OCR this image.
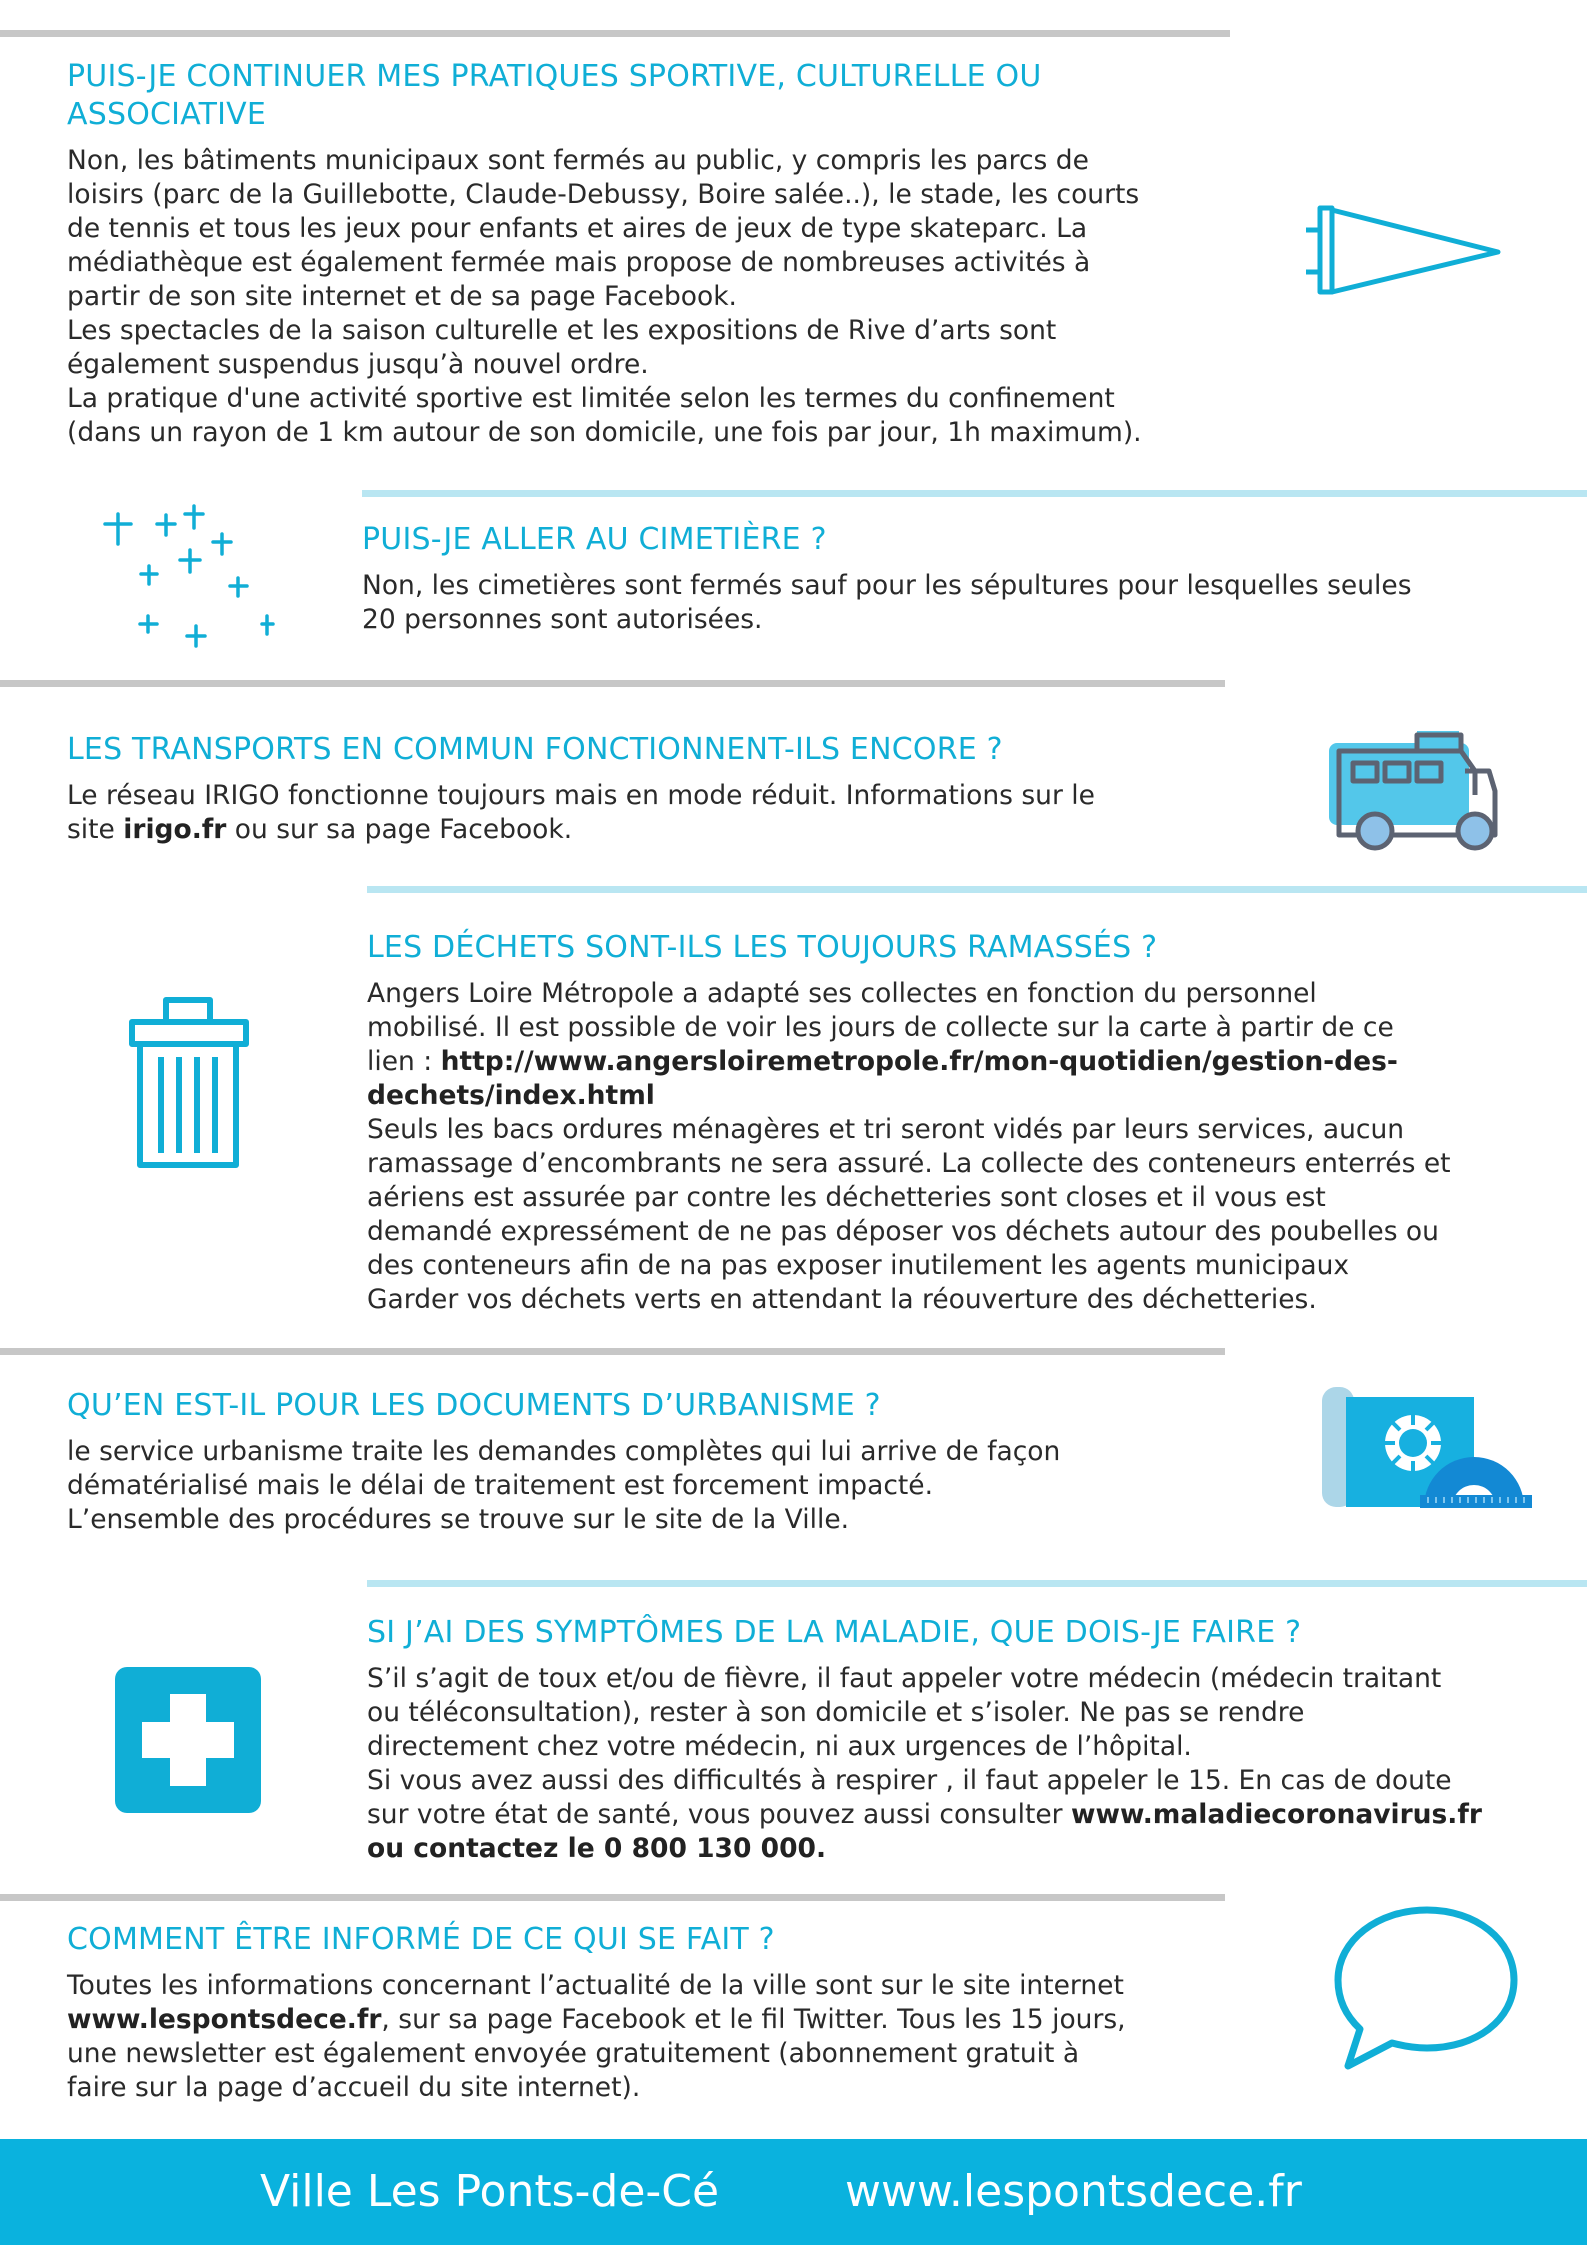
PUIS-JE CONTINUER MES PRATIQUES SPORTIVE, CULTURELLE OU ASSOCIATIVE

Non, les bâtiments municipaux sont fermés au public, y compris les parcs de
loisirs (parc de la Guillebotte, Claude-Debussy, Boire salée..), le stade, les courts
de tennis et tous les jeux pour enfants et aires de jeux de type skateparc. La
médiathèque est également fermée mais propose de nombreuses activités à
partir de son site internet et de sa page Facebook.
Les spectacles de la saison culturelle et les expositions de Rive d’arts sont
également suspendus jusqu’à nouvel ordre.
La pratique d'une activité sportive est limitée selon les termes du confinement
(dans un rayon de 1 km autour de son domicile, une fois par jour, 1h maximum).

PUIS-JE ALLER AU CIMETIÈRE ?

Non, les cimetières sont fermés sauf pour les sépultures pour lesquelles seules
20 personnes sont autorisées.

LES TRANSPORTS EN COMMUN FONCTIONNENT-ILS ENCORE ?

Le réseau IRIGO fonctionne toujours mais en mode réduit. Informations sur le
site irigo.fr ou sur sa page Facebook.

LES DÉCHETS SONT-ILS LES TOUJOURS RAMASSÉS ?

Angers Loire Métropole a adapté ses collectes en fonction du personnel
mobilisé. Il est possible de voir les jours de collecte sur la carte à partir de ce
lien : http://www.angersloiremetropole.fr/mon-quotidien/gestion-des-
dechets/index.html
Seuls les bacs ordures ménagères et tri seront vidés par leurs services, aucun
ramassage d’encombrants ne sera assuré. La collecte des conteneurs enterrés et
aériens est assurée par contre les déchetteries sont closes et il vous est
demandé expressément de ne pas déposer vos déchets autour des poubelles ou
des conteneurs afin de na pas exposer inutilement les agents municipaux
Garder vos déchets verts en attendant la réouverture des déchetteries.

QU’EN EST-IL POUR LES DOCUMENTS D’URBANISME ?

le service urbanisme traite les demandes complètes qui lui arrive de façon
dématérialisé mais le délai de traitement est forcement impacté.
L’ensemble des procédures se trouve sur le site de la Ville.

SI J’AI DES SYMPTÔMES DE LA MALADIE, QUE DOIS-JE FAIRE ?

S’il s’agit de toux et/ou de fièvre, il faut appeler votre médecin (médecin traitant
ou téléconsultation), rester à son domicile et s’isoler. Ne pas se rendre
directement chez votre médecin, ni aux urgences de l’hôpital.
Si vous avez aussi des difficultés à respirer , il faut appeler le 15. En cas de doute
sur votre état de santé, vous pouvez aussi consulter www.maladiecoronavirus.fr
ou contactez le 0 800 130 000.

COMMENT ÊTRE INFORMÉ DE CE QUI SE FAIT ?

Toutes les informations concernant l’actualité de la ville sont sur le site internet
www.lespontsdece.fr, sur sa page Facebook et le fil Twitter. Tous les 15 jours,
une newsletter est également envoyée gratuitement (abonnement gratuit à
faire sur la page d’accueil du site internet).

Ville Les Ponts-de-Cé	www.lespontsdece.fr
